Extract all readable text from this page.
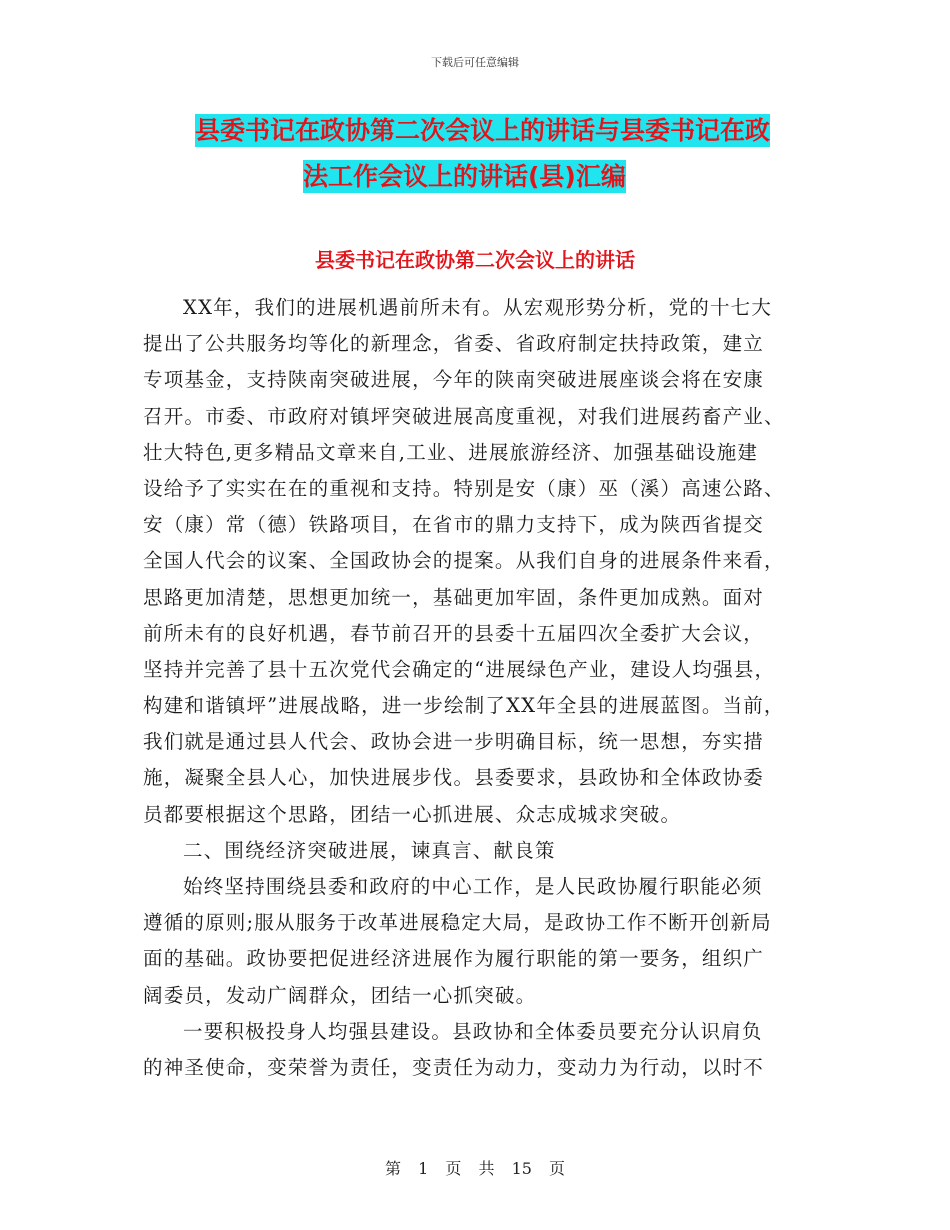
下载后可任意编辑
县委书记在政协第二次会议上的讲话与县委书记在政
法工作会议上的讲话(县)汇编
县委书记在政协第二次会议上的讲话
XX年，我们的进展机遇前所未有。从宏观形势分析，党的十七大
提出了公共服务均等化的新理念，省委、省政府制定扶持政策，建立
专项基金，支持陕南突破进展，今年的陕南突破进展座谈会将在安康
召开。市委、市政府对镇坪突破进展高度重视，对我们进展药畜产业、
壮大特色,更多精品文章来自,工业、进展旅游经济、加强基础设施建
设给予了实实在在的重视和支持。特别是安（康）巫（溪）高速公路、
安（康）常（德）铁路项目，在省市的鼎力支持下，成为陕西省提交
全国人代会的议案、全国政协会的提案。从我们自身的进展条件来看，
思路更加清楚，思想更加统一，基础更加牢固，条件更加成熟。面对
前所未有的良好机遇，春节前召开的县委十五届四次全委扩大会议，
坚持并完善了县十五次党代会确定的“进展绿色产业，建设人均强县，
构建和谐镇坪”进展战略，进一步绘制了XX年全县的进展蓝图。当前，
我们就是通过县人代会、政协会进一步明确目标，统一思想，夯实措
施，凝聚全县人心，加快进展步伐。县委要求，县政协和全体政协委
员都要根据这个思路，团结一心抓进展、众志成城求突破。
二、围绕经济突破进展，谏真言、献良策
始终坚持围绕县委和政府的中心工作，是人民政协履行职能必须
遵循的原则;服从服务于改革进展稳定大局，是政协工作不断开创新局
面的基础。政协要把促进经济进展作为履行职能的第一要务，组织广
阔委员，发动广阔群众，团结一心抓突破。
一要积极投身人均强县建设。县政协和全体委员要充分认识肩负
的神圣使命，变荣誉为责任，变责任为动力，变动力为行动，以时不
第 1 页 共 15 页
